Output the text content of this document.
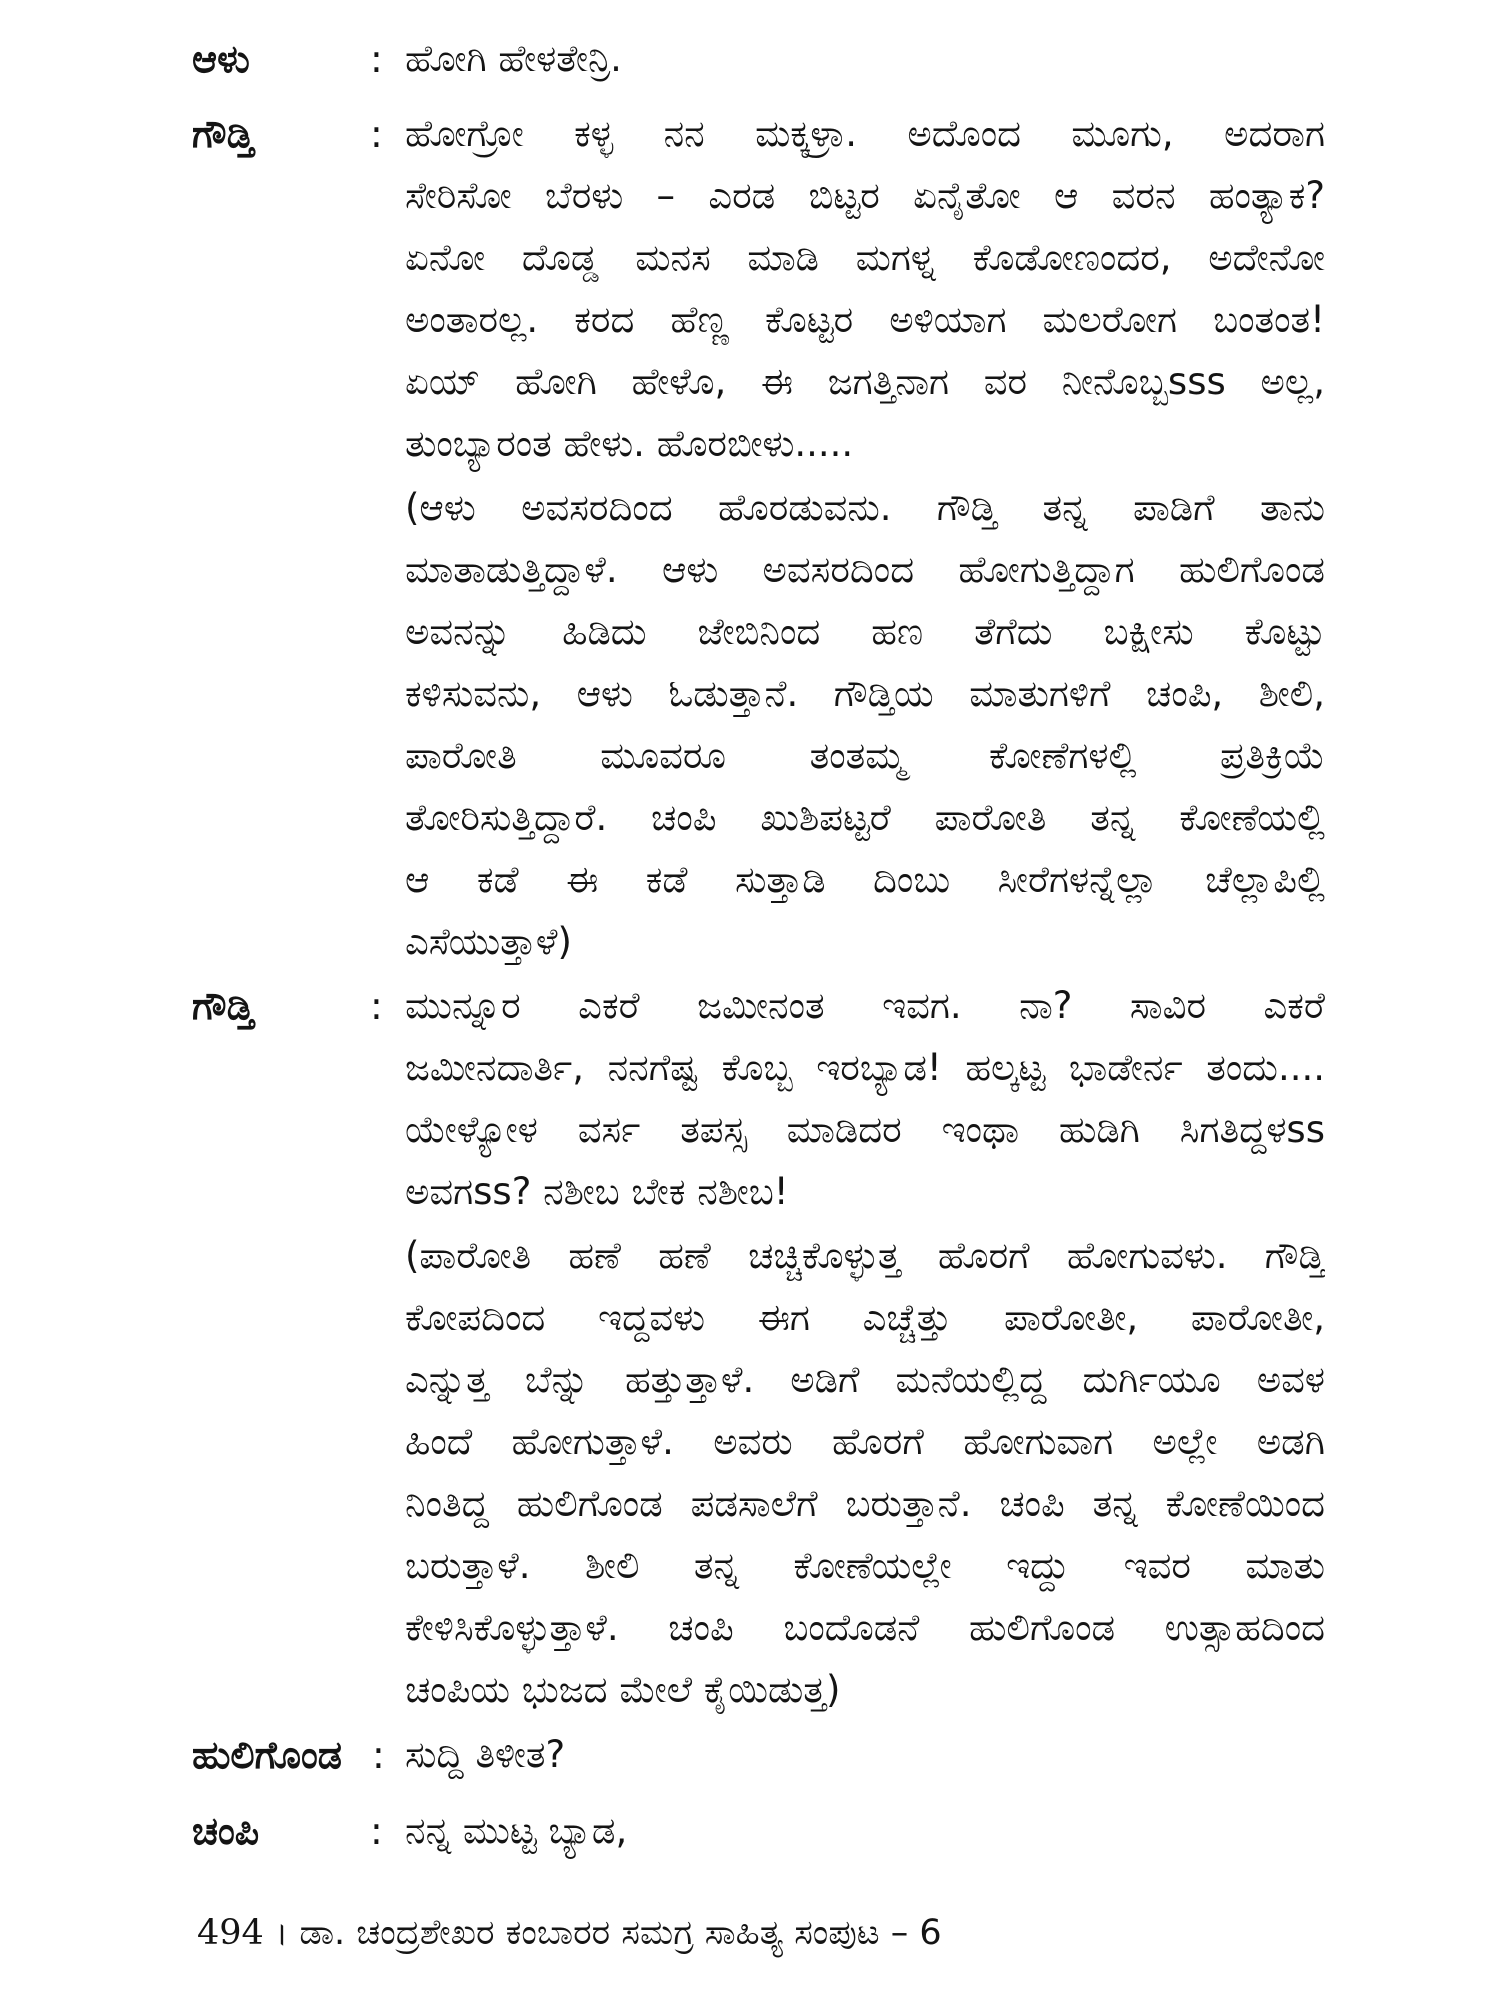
ಆಳು	: ಹೋಗಿ ಹೇಳತೇನ್ರಿ.
ಗೌಡ್ತಿ	: ಹೋಗ್ರೋ ಕಳ್ಳ ನನ ಮಕ್ಕಳ್ರಾ. ಅದೊಂದ ಮೂಗು, ಅದರಾಗ
ಸೇರಿಸೋ ಬೆರಳು – ಎರಡ ಬಿಟ್ಟರ ಏನೈತೋ ಆ ವರನ ಹಂತ್ಯಾಕ?
ಏನೋ ದೊಡ್ಡ ಮನಸ ಮಾಡಿ ಮಗಳ್ನ ಕೊಡೋಣಂದರ, ಅದೇನೋ
ಅಂತಾರಲ್ಲ. ಕರದ ಹೆಣ್ಣ ಕೊಟ್ಟರ ಅಳಿಯಾಗ ಮಲರೋಗ ಬಂತಂತ!
ಏಯ್ ಹೋಗಿ ಹೇಳೊ, ಈ ಜಗತ್ತಿನಾಗ ವರ ನೀನೊಬ್ಬsss ಅಲ್ಲ,
ತುಂಬ್ಯಾರಂತ ಹೇಳು. ಹೊರಬೀಳು.....
(ಆಳು ಅವಸರದಿಂದ ಹೊರಡುವನು. ಗೌಡ್ತಿ ತನ್ನ ಪಾಡಿಗೆ ತಾನು
ಮಾತಾಡುತ್ತಿದ್ದಾಳೆ. ಆಳು ಅವಸರದಿಂದ ಹೋಗುತ್ತಿದ್ದಾಗ ಹುಲಿಗೊಂಡ
ಅವನನ್ನು ಹಿಡಿದು ಜೇಬಿನಿಂದ ಹಣ ತೆಗೆದು ಬಕ್ಷೀಸು ಕೊಟ್ಟು
ಕಳಿಸುವನು, ಆಳು ಓಡುತ್ತಾನೆ. ಗೌಡ್ತಿಯ ಮಾತುಗಳಿಗೆ ಚಂಪಿ, ಶೀಲಿ,
ಪಾರೋತಿ ಮೂವರೂ ತಂತಮ್ಮ ಕೋಣೆಗಳಲ್ಲಿ ಪ್ರತಿಕ್ರಿಯೆ
ತೋರಿಸುತ್ತಿದ್ದಾರೆ. ಚಂಪಿ ಖುಶಿಪಟ್ಟರೆ ಪಾರೋತಿ ತನ್ನ ಕೋಣೆಯಲ್ಲಿ
ಆ ಕಡೆ ಈ ಕಡೆ ಸುತ್ತಾಡಿ ದಿಂಬು ಸೀರೆಗಳನ್ನೆಲ್ಲಾ ಚೆಲ್ಲಾಪಿಲ್ಲಿ
ಎಸೆಯುತ್ತಾಳೆ)
ಗೌಡ್ತಿ	: ಮುನ್ನೂರ ಎಕರೆ ಜಮೀನಂತ ಇವಗ. ನಾ? ಸಾವಿರ ಎಕರೆ
ಜಮೀನದಾರ್ತಿ, ನನಗೆಷ್ಟ ಕೊಬ್ಬ ಇರಬ್ಯಾಡ! ಹಲ್ಕಟ್ಟ ಭಾಡೇರ್ನ ತಂದು....
ಯೇಳ್ಯೋಳ ವರ್ಸ ತಪಸ್ಸ ಮಾಡಿದರ ಇಂಥಾ ಹುಡಿಗಿ ಸಿಗತಿದ್ದಳss
ಅವಗss? ನಶೀಬ ಬೇಕ ನಶೀಬ!
(ಪಾರೋತಿ ಹಣೆ ಹಣೆ ಚಚ್ಚಿಕೊಳ್ಳುತ್ತ ಹೊರಗೆ ಹೋಗುವಳು. ಗೌಡ್ತಿ
ಕೋಪದಿಂದ ಇದ್ದವಳು ಈಗ ಎಚ್ಚೆತ್ತು ಪಾರೋತೀ, ಪಾರೋತೀ,
ಎನ್ನುತ್ತ ಬೆನ್ನು ಹತ್ತುತ್ತಾಳೆ. ಅಡಿಗೆ ಮನೆಯಲ್ಲಿದ್ದ ದುರ್ಗಿಯೂ ಅವಳ
ಹಿಂದೆ ಹೋಗುತ್ತಾಳೆ. ಅವರು ಹೊರಗೆ ಹೋಗುವಾಗ ಅಲ್ಲೇ ಅಡಗಿ
ನಿಂತಿದ್ದ ಹುಲಿಗೊಂಡ ಪಡಸಾಲೆಗೆ ಬರುತ್ತಾನೆ. ಚಂಪಿ ತನ್ನ ಕೋಣೆಯಿಂದ
ಬರುತ್ತಾಳೆ. ಶೀಲಿ ತನ್ನ ಕೋಣೆಯಲ್ಲೇ ಇದ್ದು ಇವರ ಮಾತು
ಕೇಳಿಸಿಕೊಳ್ಳುತ್ತಾಳೆ. ಚಂಪಿ ಬಂದೊಡನೆ ಹುಲಿಗೊಂಡ ಉತ್ಸಾಹದಿಂದ
ಚಂಪಿಯ ಭುಜದ ಮೇಲೆ ಕೈಯಿಡುತ್ತ)
ಹುಲಿಗೊಂಡ : ಸುದ್ದಿ ತಿಳೀತ?
ಚಂಪಿ	: ನನ್ನ ಮುಟ್ಟ ಬ್ಯಾಡ,
494 । ಡಾ. ಚಂದ್ರಶೇಖರ ಕಂಬಾರರ ಸಮಗ್ರ ಸಾಹಿತ್ಯ ಸಂಪುಟ – 6
